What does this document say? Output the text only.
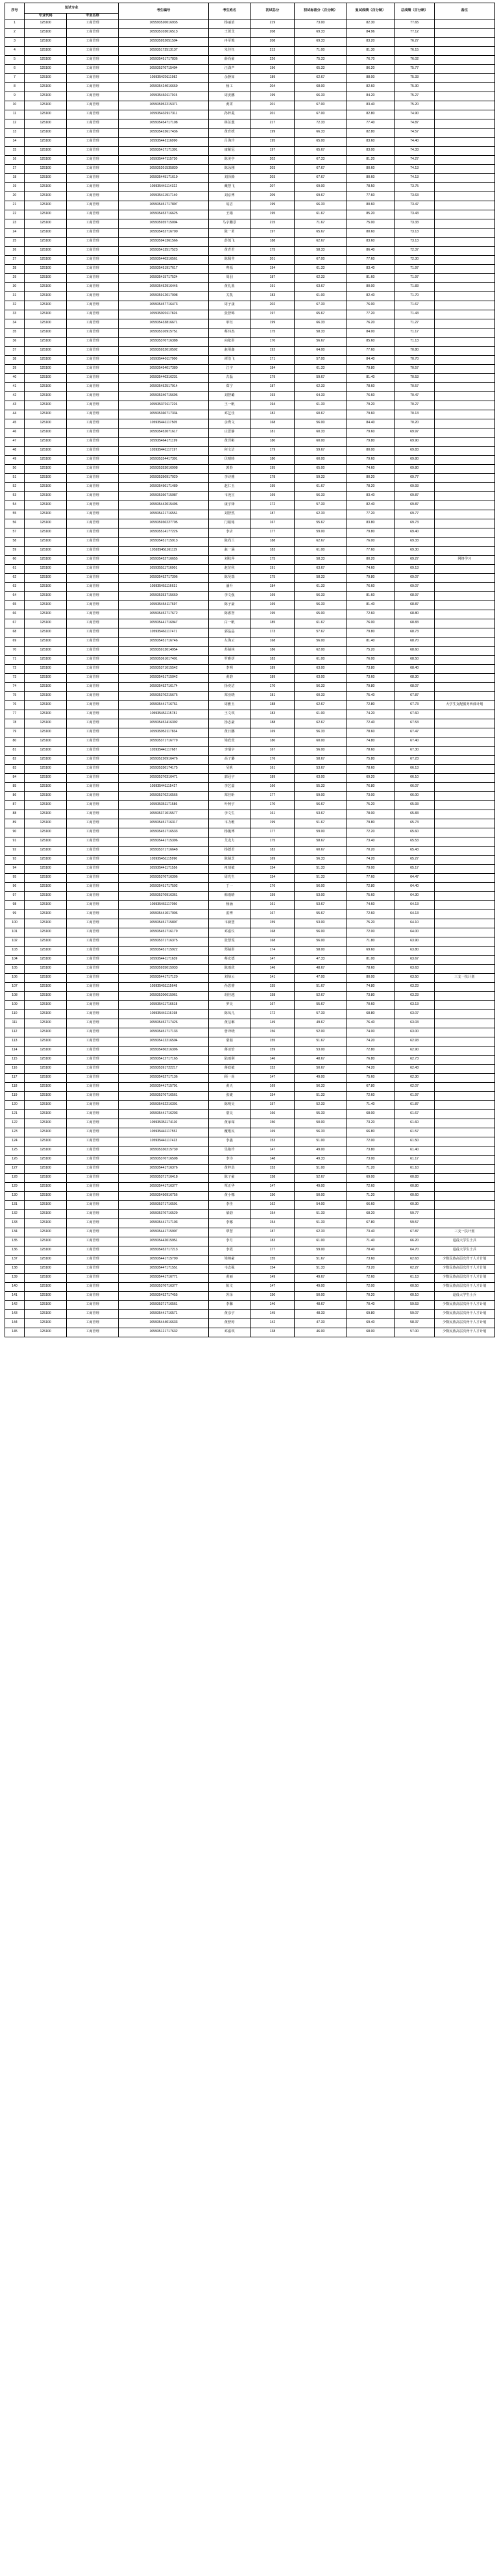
序号	复试专业		考生编号	考生姓名	初试总分	初试标准分（百分制）	复试成绩（百分制）	总成绩（百分制）	备注
	专业代码	专业名称							
1	125100	工商管理	105593520016935	杨丽消	219	73.00	82.30	77.65	
2	125100	工商管理	105935103016513	王贺艾	208	69.33	84.96	77.12	
3	125100	工商管理	105935952051594	冉军熊	208	69.33	83.20	76.27	
4	125100	工商管理	105935173513137	朱佳钰	213	71.00	81.30	76.15	
5	125100	工商管理	105935451717836	薛尚豪	226	75.33	76.70	76.02	
6	125100	工商管理	105935370715494	汪潇声	196	65.33	86.20	75.77	
7	125100	工商管理	105935420111982	余静如	189	62.67	88.00	75.33	
8	125100	工商管理	105935424016669	杨工	204	68.00	82.60	75.30	
9	125100	工商管理	105935460117015	周安鹏	199	66.33	84.20	75.27	
10	125100	工商管理	105935952215371	黄霄	201	67.00	83.40	75.20	
11	125100	工商管理	105935432917311	孙梓菱	201	67.00	82.80	74.90	
12	125100	工商管理	105935454717108	林芷蕙	217	72.33	77.40	74.87	
13	125100	工商管理	105935423617436	黄育媛	199	66.33	82.80	74.57	
14	125100	工商管理	105935442116990	吕海玲	195	65.00	83.60	74.40	
15	125100	工商管理	105935417171391	康紫冠	197	65.67	83.00	74.33	
16	125100	工商管理	105935447115730	陈美亭	202	67.33	81.20	74.27	
17	125100	工商管理	105935201535830	陈泳刚	203	67.67	80.60	74.13	
18	125100	工商管理	105935445171619	刘泽腾	203	67.67	80.60	74.13	
19	125100	工商管理	105935441114322	戴慧飞	207	69.00	78.50	73.75	
20	125100	工商管理	105935411917140	刘京博	209	69.67	77.60	73.63	
21	125100	工商管理	105935451717897	易洁	199	66.33	80.60	73.47	
22	125100	工商管理	105935453716625	王楊	195	61.67	85.20	73.43	
23	125100	工商管理	105935935715004	马宇鹏景	215	71.67	75.00	73.33	
24	125100	工商管理	105935452716700	陈一茗	197	65.67	80.60	73.13	
25	125100	工商管理	105935941361566	彭凯飞	188	62.67	83.60	73.13	
26	125100	工商管理	105935413517523	黄青君	175	58.33	86.40	72.37	
27	125100	工商管理	105935440316561	陈佩莹	201	67.00	77.60	72.30	
28	125100	工商管理	105935451917617	粤福	194	61.33	83.40	71.97	
29	125100	工商管理	105935415717524	周羽	187	62.33	81.60	71.97	
30	125100	工商管理	105935452916445	黄礼墨	191	63.67	80.00	71.83	
31	125100	工商管理	105935912017008	关凯	183	61.00	82.40	71.70	
32	125100	工商管理	105935457716473	周子康	202	67.33	76.00	71.67	
33	125100	工商管理	105935920117826	张智锦	197	65.67	77.20	71.43	
34	125100	工商管理	105935433816671	单钰	199	66.33	76.20	71.27	
35	125100	工商管理	105935310915751	蔡玮杰	175	58.33	84.00	71.17	
36	125100	工商管理	105935370716388	向依彤	170	56.67	85.60	71.13	
37	125100	工商管理	105935932010502	赵用鑫	192	64.00	77.60	70.80	
38	125100	工商管理	105935440117000	谭浩飞	171	57.00	84.40	70.70	
39	125100	工商管理	105935454017380	江宇	184	61.33	79.80	70.57	
40	125100	工商管理	105935440316231	古磊	179	59.67	81.40	70.53	
41	125100	工商管理	105935452517914	郑宁	187	62.33	78.60	70.57	
42	125100	工商管理	105935340715696	刘智璐	193	64.33	76.60	70.47	
43	125100	工商管理	105935370117226	王一帆	194	61.33	79.20	70.27	
44	125100	工商管理	105935360717334	邓艺佳	182	60.67	79.60	70.13	
45	125100	工商管理	105935441117505	余秀文	168	56.00	84.40	70.20	
46	125100	工商管理	105935452071617	庄思静	181	60.33	79.60	69.97	
47	125100	工商管理	105935464171199	黄泽彬	180	60.00	79.80	69.90	
48	125100	工商管理	105935441117197	何文洁	179	59.67	80.00	69.83	
49	125100	工商管理	105935324417391	伏晴睦	180	60.00	79.60	69.80	
50	125100	工商管理	105935353016908	郭春	195	65.00	74.60	69.80	
51	125100	工商管理	105935350917020	李诗雅	178	59.33	80.20	69.77	
52	125100	工商管理	105935450171489	赵仁玉	195	61.67	78.20	69.93	
53	125100	工商管理	105935360715087	韦尧宣	169	56.33	83.40	69.87	
54	125100	工商管理	105935442015496	康宇锋	172	57.33	82.40	69.87	
55	125100	工商管理	105935421716551	刘智然	187	62.33	77.20	69.77	
56	125100	工商管理	105935930227705	门铭铭	167	55.67	83.80	69.73	
57	125100	工商管理	105935514177226	李店	177	59.00	79.80	69.40	
58	125100	工商管理	105935451715913	陈尚兰	188	62.67	76.00	69.33	
59	125100	工商管理	105935451161119	赵一涵	183	61.00	77.60	69.30	
60	125100	工商管理	105935452716655	刘秋萍	175	58.33	80.20	69.27	网络学习
61	125100	工商管理	105935511716001	赵芷秋	191	63.67	74.60	69.13	
62	125100	工商管理	105935452717306	陈昊瑞	175	58.33	79.80	69.07	
63	125100	工商管理	105935451116631	潘升	184	61.33	76.60	69.07	
64	125100	工商管理	105935353715660	李文强	169	56.33	81.60	68.97	
65	125100	工商管理	105935454117697	陈子豪	169	56.33	81.40	68.87	
66	125100	工商管理	105935452717672	陈睿智	195	65.00	72.60	68.80	
67	125100	工商管理	105935441716947	白一帆	185	61.67	76.00	68.83	
68	125100	工商管理	105935461117471	郭晶晶	173	57.67	79.80	68.73	
69	125100	工商管理	105935451716746	左海云	168	56.00	81.40	68.70	
70	125100	工商管理	105935913014954	苏婧林	186	62.00	75.20	68.60	
71	125100	工商管理	105935361017401	罗雅妍	183	61.00	76.00	68.50	
72	125100	工商管理	105935371015542	李明	189	63.00	73.80	68.40	
73	125100	工商管理	105935451715042	黄韵	189	63.00	73.60	68.30	
74	125100	工商管理	105935452716174	扬奕洁	170	56.33	79.80	68.07	
75	125100	工商管理	105935370215676	郑亚晓	181	60.33	75.40	67.87	
76	125100	工商管理	105935441716761	周雅玉	188	62.67	72.80	67.73	大学生支配服务西部计划
77	125100	工商管理	105935451115781	王文琪	183	61.00	74.20	67.60	
78	125100	工商管理	105935452416392	汤志豪	188	62.67	72.40	67.53	
79	125100	工商管理	105935952117834	黄日鹏	169	56.33	78.60	67.47	
80	125100	工商管理	105935371716779	梁欣萱	180	60.00	74.80	67.40	
81	125100	工商管理	105935441117687	李瑞宇	167	56.00	78.60	67.30	
82	125100	工商管理	105935220916476	高子璐	176	58.67	75.80	67.23	
83	125100	工商管理	105935330174175	吴帆	161	53.67	78.60	66.13	
84	125100	工商管理	105935370316471	郭冠宇	189	63.00	69.20	66.10	
85	125100	工商管理	105935441115427	李艺嘉	166	55.33	76.80	66.07	
86	125100	工商管理	105935370216566	郑佳昕	177	59.00	73.00	66.00	
87	125100	工商管理	105935351171586	叶柯宇	170	56.67	75.20	65.93	
88	125100	工商管理	105935371015577	李文生	161	53.67	78.00	65.83	
89	125100	工商管理	105935451716317	韦力维	199	51.67	79.80	65.73	
90	125100	工商管理	105935451716533	杨俊博	177	59.00	72.20	65.60	
91	125100	工商管理	105935441715396	艾龙力	175	58.67	73.40	65.53	
92	125100	工商管理	105935371716648	杨德君	182	60.67	70.20	65.43	
93	125100	工商管理	105935451115990	陈婧芝	169	56.33	74.20	65.27	
94	125100	工商管理	105935441171556	祖琦敏	154	51.33	79.00	65.17	
95	125100	工商管理	105935370716306	周光生	154	51.33	77.60	64.47	
96	125100	工商管理	105935451717502	丁一	176	56.00	72.80	64.40	
97	125100	工商管理	105935370916361	韩雨晴	159	53.00	75.60	64.30	
98	125100	工商管理	105935461117050	杨涵	161	53.67	74.60	64.13	
99	125100	工商管理	105935441017006	雷博	167	55.67	72.60	64.13	
100	125100	工商管理	105935451715807	韦新慧	159	53.00	75.20	64.10	
101	125100	工商管理	105935451716179	邓嘉仪	168	56.00	72.00	64.00	
102	125100	工商管理	105935371716375	张慧雯	168	56.00	71.80	63.90	
103	125100	工商管理	105935451715922	郑婧彤	174	58.00	69.60	63.80	
104	125100	工商管理	105935441171639	蔡宏德	147	47.33	81.00	63.67	
105	125100	工商管理	105935935015933	陈雨欣	146	48.67	78.60	63.63	
106	125100	工商管理	105935441717120	刘恭云	141	47.00	80.00	63.50	三支一扶计划
107	125100	工商管理	105935451115648	孙思睿	155	51.67	74.80	63.23	
108	125100	工商管理	105935200615961	胡佳越	158	52.67	73.80	63.23	
109	125100	工商管理	105935411716618	罗昊	167	55.67	70.60	63.13	
110	125100	工商管理	105935441116198	陈凤儿	172	57.33	68.80	63.07	
111	125100	工商管理	105935452717426	黄洁琳	149	49.67	76.40	63.03	
112	125100	工商管理	105935451717133	曾译晓	156	52.00	74.00	63.00	
113	125100	工商管理	105935412216504	蒙茹	155	51.67	74.20	62.93	
114	125100	工商管理	105935450216396	蒋冰怡	159	53.00	72.80	62.90	
115	125100	工商管理	105935412717165	陆雨荆	146	48.67	76.80	62.73	
116	125100	工商管理	105935391722217	蒋政敏	152	50.67	74.20	62.43	
117	125100	工商管理	105935452717136	顾一尚	147	49.00	75.60	62.30	
118	125100	工商管理	105935441715791	黄天	169	56.33	67.80	62.07	
119	125100	工商管理	105935370716561	张婕	154	51.33	72.60	61.97	
120	125100	工商管理	105935452216301	陈明昊	157	52.33	71.40	61.87	
121	125100	工商管理	105935441716203	蒙昊	166	55.33	68.00	61.67	
122	125100	工商管理	105935351174110	黄家琛	150	50.00	73.20	61.60	
123	125100	工商管理	105935441117552	覆歌民	169	56.33	66.80	61.57	
124	125100	工商管理	105935441117423	李鑫	153	51.00	72.00	61.50	
125	125100	工商管理	105935330215739	吴艳伶	147	49.00	73.80	61.40	
126	125100	工商管理	105935370716508	李诗	148	49.33	73.00	61.17	
127	125100	工商管理	105935441716376	黄梓芯	153	51.00	71.20	61.10	
128	125100	工商管理	105935371716418	陈子豪	158	52.67	69.00	60.83	
129	125100	工商管理	105935441716377	覃正华	147	49.00	72.60	60.80	
130	125100	工商管理	105935450916756	黄小娜	150	50.00	71.20	60.60	
131	125100	工商管理	105935371716591	李佳	162	54.00	66.60	60.30	
132	125100	工商管理	105935370716529	梁韵	154	51.33	68.20	59.77	
133	125100	工商管理	105935441717103	李娜	154	51.33	67.80	59.57	
134	125100	工商管理	105935441715907	覃慧	187	62.33	73.40	67.87	三支一扶计划
135	125100	工商管理	105935442015951	李月	183	61.00	71.40	66.20	退役大学生士兵
136	125100	工商管理	105935452717213	李霞	177	59.00	70.40	64.70	退役大学生士兵
137	125100	工商管理	105935441715790	梁锦豪	155	51.67	73.60	62.63	少数民族高层次骨干人才计划
138	125100	工商管理	105935447171551	韦志强	154	51.33	73.20	62.27	少数民族高层次骨干人才计划
139	125100	工商管理	105935441716771	黄丽	149	49.67	72.60	61.13	少数民族高层次骨干人才计划
140	125100	工商管理	105935370716377	陈文	147	49.00	72.00	60.50	少数民族高层次骨干人才计划
141	125100	工商管理	105935452717455	苏泽	150	50.00	70.20	60.10	退役大学生士兵
142	125100	工商管理	105935371716561	李馨	146	48.67	70.40	59.53	少数民族高层次骨干人才计划
143	125100	工商管理	105935441716571	黄彦宇	145	48.33	69.80	59.07	少数民族高层次骨干人才计划
144	125100	工商管理	105935444016633	黄舒婷	142	47.33	69.40	58.37	少数民族高层次骨干人才计划
145	125100	工商管理	105935121717632	邓嘉琪	138	46.00	68.00	57.00	少数民族高层次骨干人才计划
